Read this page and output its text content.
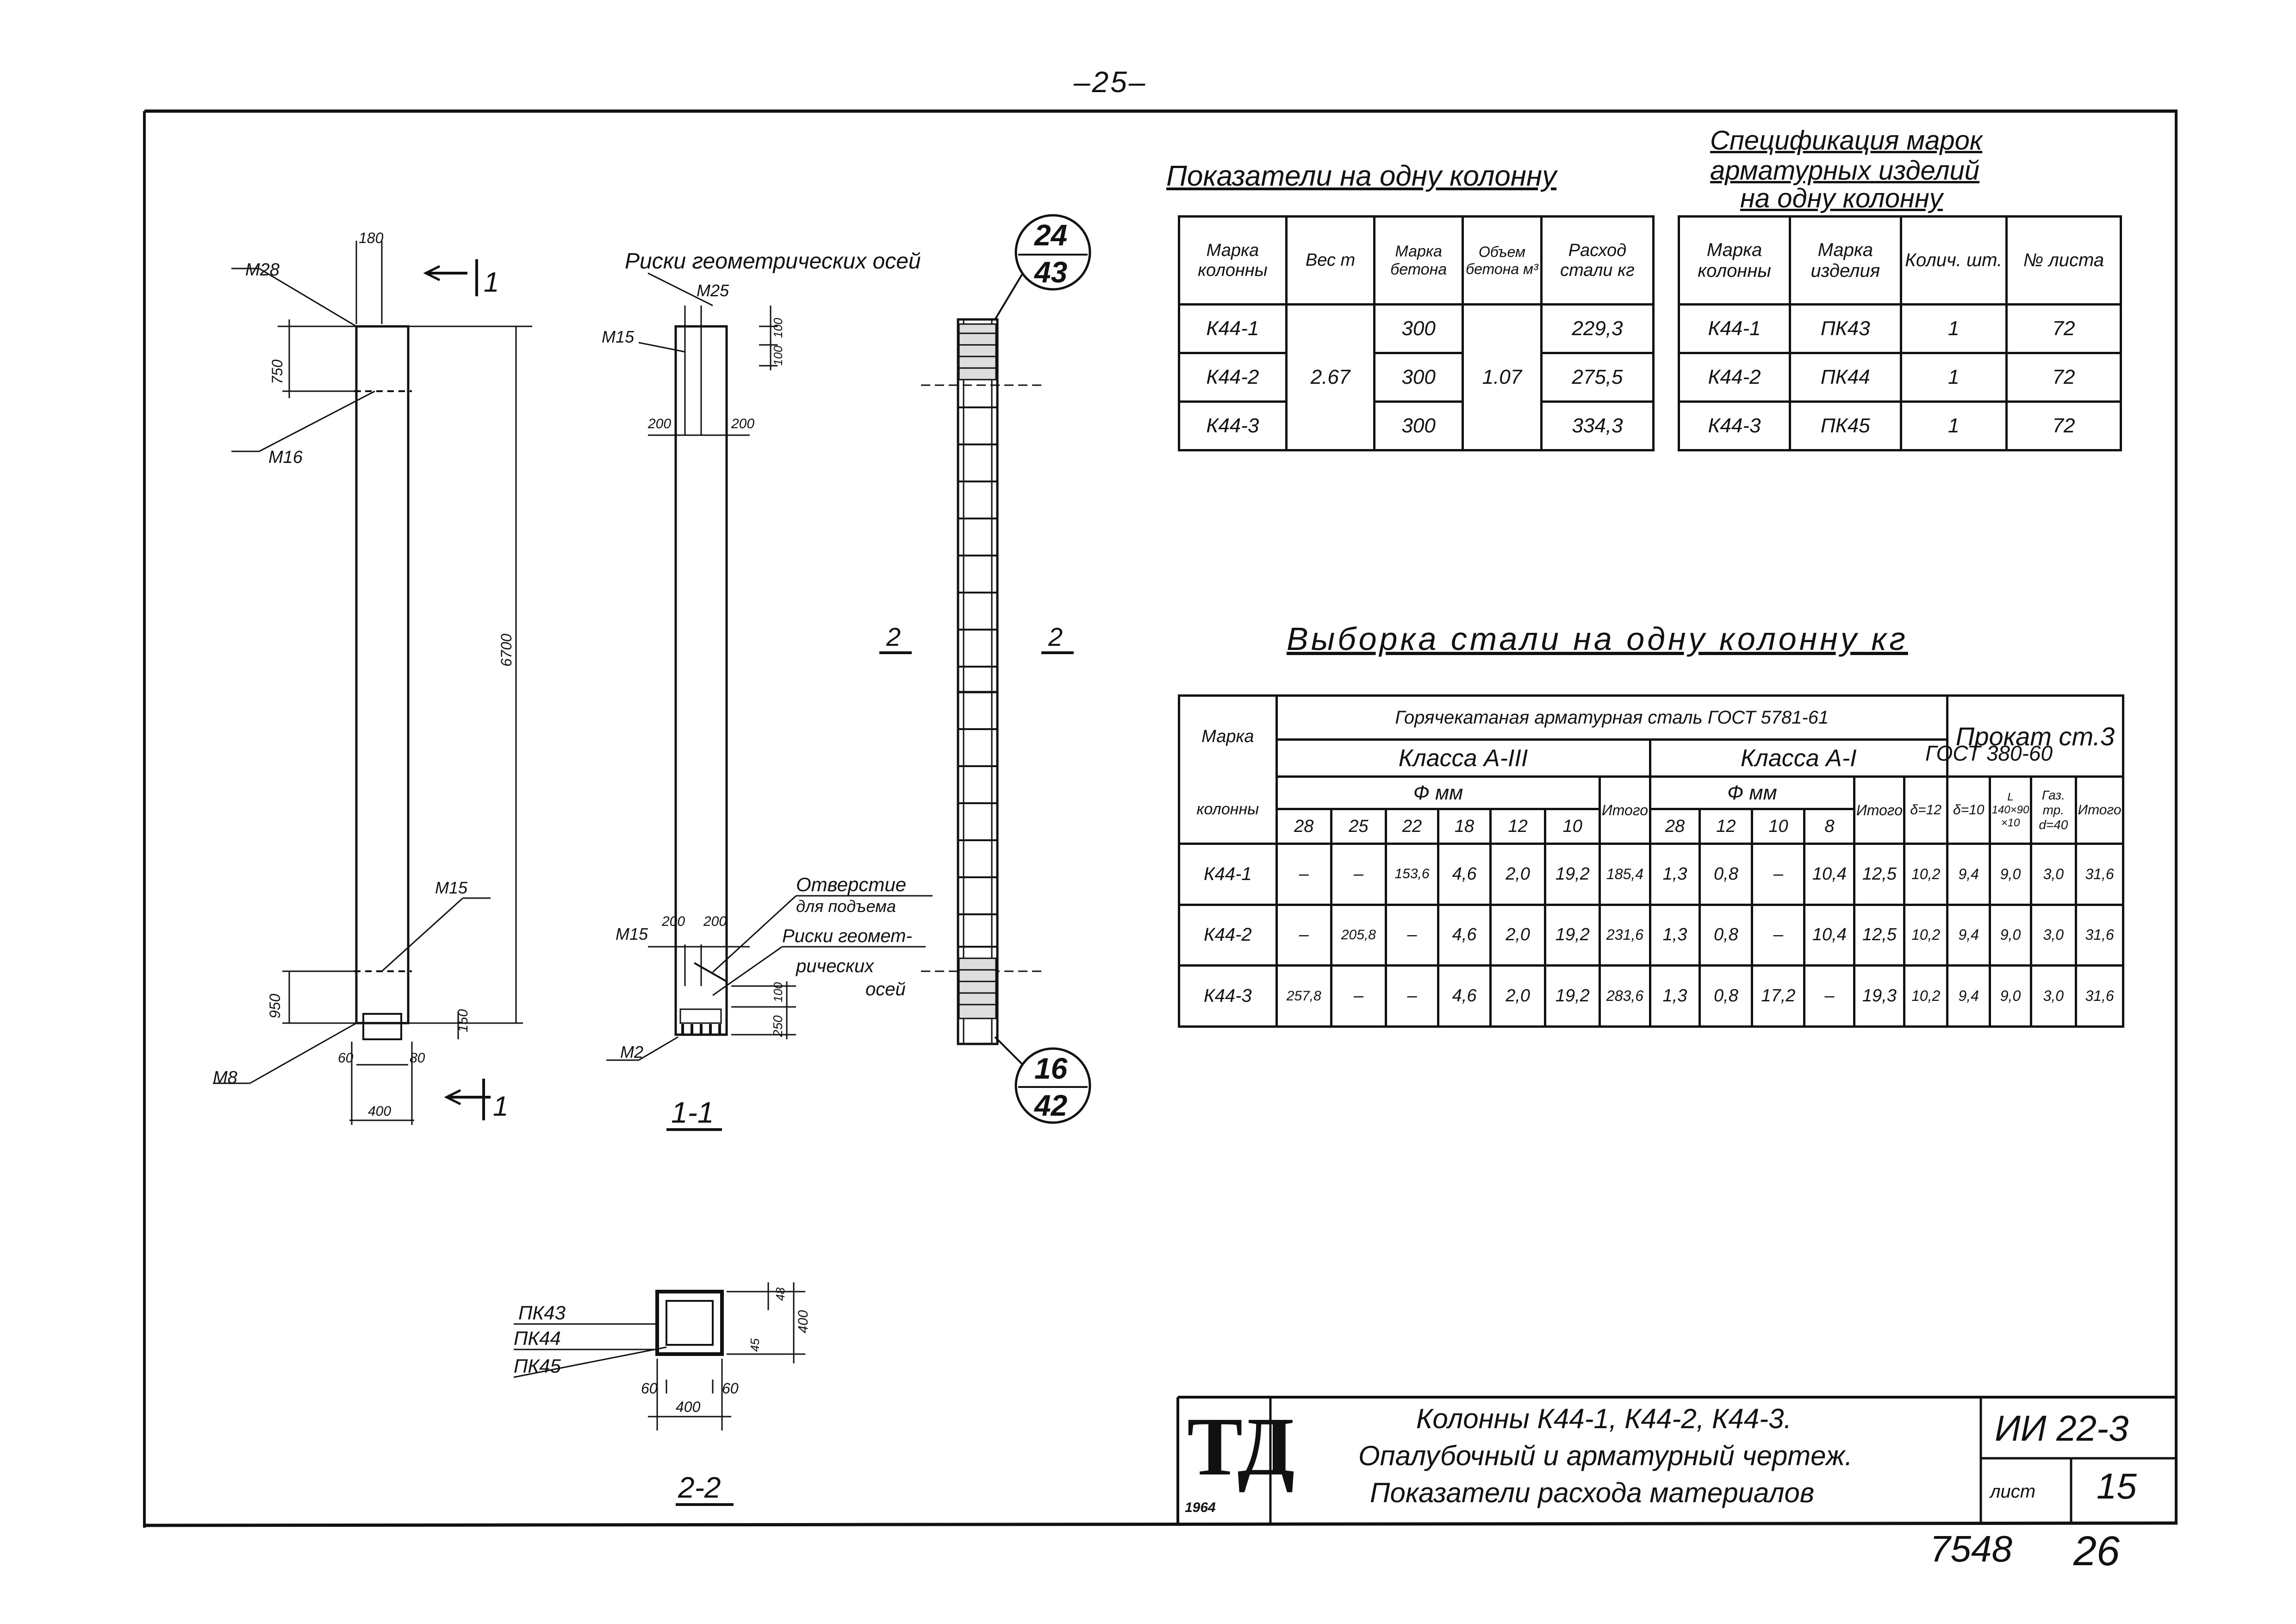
–25–
Риски геометрических осей
М28
М16
М8
М25
М15
М15
М15
М2
180
750
6700
950
150
60	80
400
200	200
200 200
100
100
100
250
Отверстие
для подъема
Риски геомет-
рических
осей
1
1
2	2
1-1
2-2
24
43
16
42
ПК43
ПК44
ПК45
48
400
45
60	60
400
Показатели на одну колонну
Марка колонны	Вес т	Марка бетона	Объем бетона м³	Расход стали кг
К44-1	2.67	300	1.07	229,3
К44-2		300		275,5
К44-3		300		334,3
Спецификация марок
арматурных изделий
на одну колонну
Марка колонны	Марка изделия	Колич. шт.	№ листа
К44-1	ПК43	1	72
К44-2	ПК44	1	72
К44-3	ПК45	1	72
Выборка стали на одну колонну кг
Марка	Горячекатаная арматурная сталь ГОСТ 5781-61													Прокат ст.3			
	Класса А-III							Класса А-I									
колонны	Ф мм						Итого	Ф мм				Итого	δ=12	δ=10	L 140×90 ×10	Газ. тр. d=40	Итого
	28	25	22	18	12	10		28	12	10	8						
К44-1	–	–	153,6	4,6	2,0	19,2	185,4	1,3	0,8	–	10,4	12,5	10,2	9,4	9,0	3,0	31,6
К44-2	–	205,8	–	4,6	2,0	19,2	231,6	1,3	0,8	–	10,4	12,5	10,2	9,4	9,0	3,0	31,6
К44-3	257,8	–	–	4,6	2,0	19,2	283,6	1,3	0,8	17,2	–	19,3	10,2	9,4	9,0	3,0	31,6
ГОСТ 380-60
ТД
1964
Колонны К44-1, К44-2, К44-3.
Опалубочный и арматурный чертеж.
Показатели расхода материалов
ИИ 22-3
лист 15
7548 26
